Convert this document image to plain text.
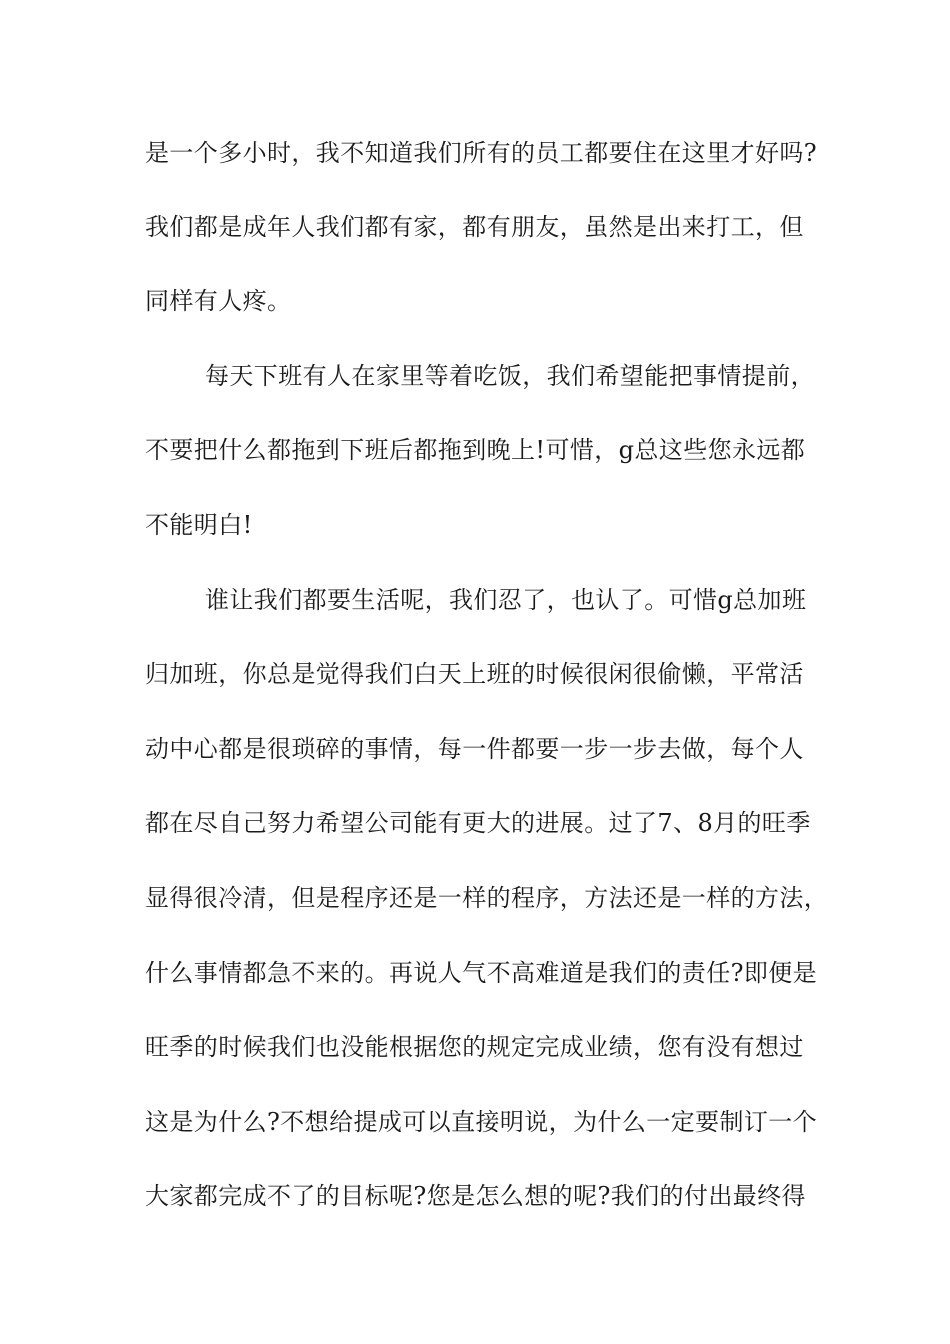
是一个多小时，我不知道我们所有的员工都要住在这里才好吗?
我们都是成年人我们都有家，都有朋友，虽然是出来打工，但
同样有人疼。
每天下班有人在家里等着吃饭，我们希望能把事情提前，
不要把什么都拖到下班后都拖到晚上!可惜，g总这些您永远都
不能明白!
谁让我们都要生活呢，我们忍了，也认了。可惜g总加班
归加班，你总是觉得我们白天上班的时候很闲很偷懒，平常活
动中心都是很琐碎的事情，每一件都要一步一步去做，每个人
都在尽自己努力希望公司能有更大的进展。过了7、8月的旺季
显得很冷清，但是程序还是一样的程序，方法还是一样的方法，
什么事情都急不来的。再说人气不高难道是我们的责任?即便是
旺季的时候我们也没能根据您的规定完成业绩，您有没有想过
这是为什么?不想给提成可以直接明说，为什么一定要制订一个
大家都完成不了的目标呢?您是怎么想的呢?我们的付出最终得
